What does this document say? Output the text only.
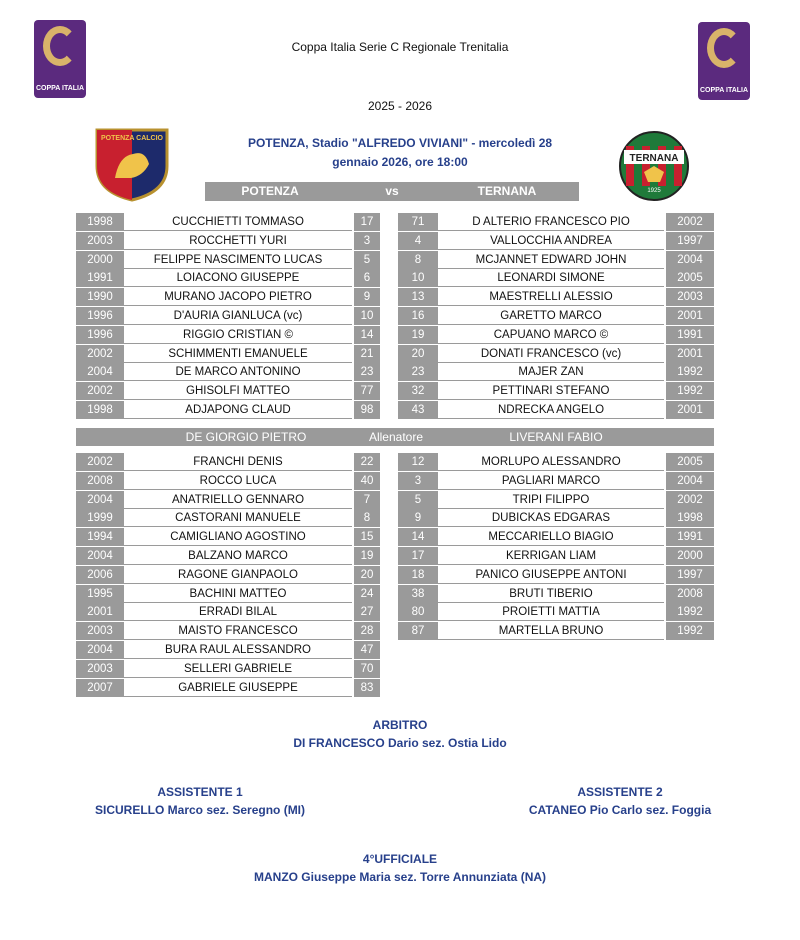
COPPA ITALIA	COPPA ITALIA
Coppa Italia Serie C Regionale Trenitalia
2025 - 2026
POTENZA CALCIO
TERNANA
1925
POTENZA, Stadio "ALFREDO VIVIANI" - mercoledì 28
gennaio 2026, ore 18:00
POTENZA	vs	TERNANA
1998	CUCCHIETTI TOMMASO	17
2003	ROCCHETTI YURI	3
2000	FELIPPE NASCIMENTO LUCAS	5
1991	LOIACONO GIUSEPPE	6
1990	MURANO JACOPO PIETRO	9
1996	D'AURIA GIANLUCA (vc)	10
1996	RIGGIO CRISTIAN ©	14
2002	SCHIMMENTI EMANUELE	21
2004	DE MARCO ANTONINO	23
2002	GHISOLFI MATTEO	77
1998	ADJAPONG CLAUD	98
71	D ALTERIO FRANCESCO PIO	2002
4	VALLOCCHIA ANDREA	1997
8	MCJANNET EDWARD JOHN	2004
10	LEONARDI SIMONE	2005
13	MAESTRELLI ALESSIO	2003
16	GARETTO MARCO	2001
19	CAPUANO MARCO ©	1991
20	DONATI FRANCESCO (vc)	2001
23	MAJER ZAN	1992
32	PETTINARI STEFANO	1992
43	NDRECKA ANGELO	2001
DE GIORGIO PIETRO	Allenatore	LIVERANI FABIO
2002	FRANCHI DENIS	22
2008	ROCCO LUCA	40
2004	ANATRIELLO GENNARO	7
1999	CASTORANI MANUELE	8
1994	CAMIGLIANO AGOSTINO	15
2004	BALZANO MARCO	19
2006	RAGONE GIANPAOLO	20
1995	BACHINI MATTEO	24
2001	ERRADI BILAL	27
2003	MAISTO FRANCESCO	28
2004	BURA RAUL ALESSANDRO	47
2003	SELLERI GABRIELE	70
2007	GABRIELE GIUSEPPE	83
12	MORLUPO ALESSANDRO	2005
3	PAGLIARI MARCO	2004
5	TRIPI FILIPPO	2002
9	DUBICKAS EDGARAS	1998
14	MECCARIELLO BIAGIO	1991
17	KERRIGAN LIAM	2000
18	PANICO GIUSEPPE ANTONI	1997
38	BRUTI TIBERIO	2008
80	PROIETTI MATTIA	1992
87	MARTELLA BRUNO	1992
ARBITRO
DI FRANCESCO Dario sez. Ostia Lido
ASSISTENTE 1
SICURELLO Marco sez. Seregno (MI)
ASSISTENTE 2
CATANEO Pio Carlo sez. Foggia
4°UFFICIALE
MANZO Giuseppe Maria sez. Torre Annunziata (NA)
